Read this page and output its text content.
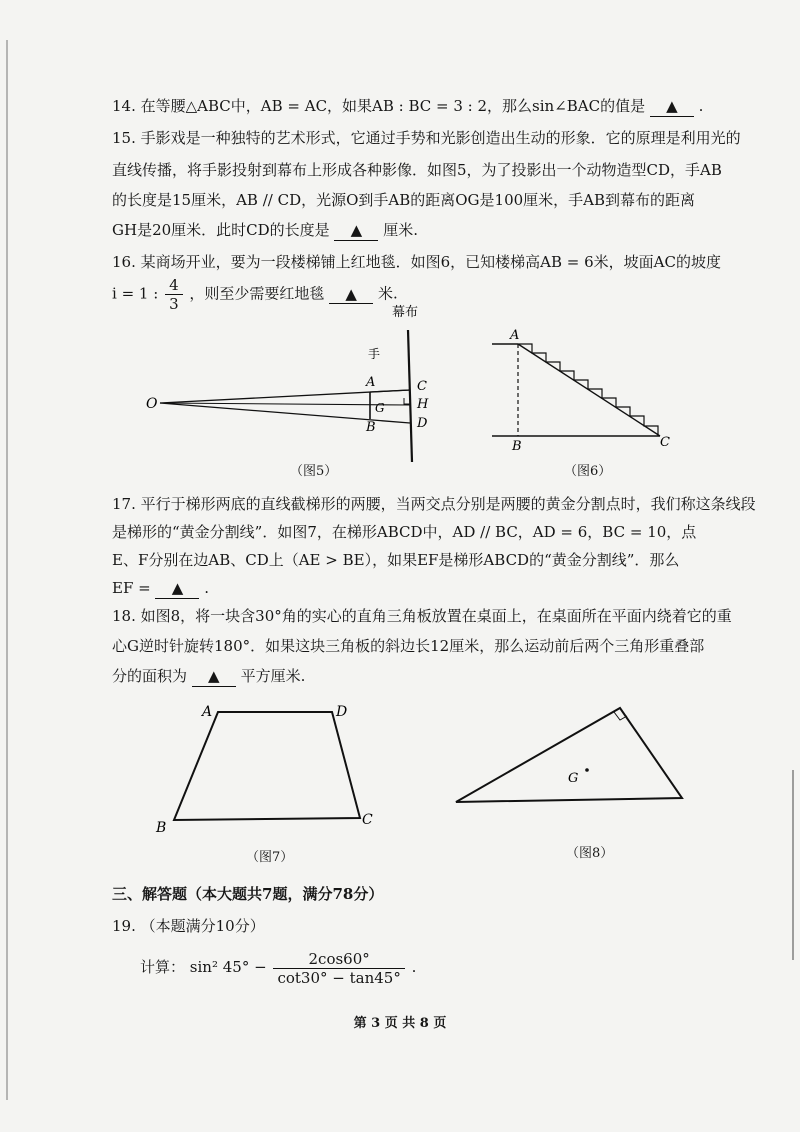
14. 在等腰△ABC中，AB = AC，如果AB : BC = 3 : 2，那么sin∠BAC的值是 ▲ .
15. 手影戏是一种独特的艺术形式，它通过手势和光影创造出生动的形象．它的原理是利用光的
直线传播，将手影投射到幕布上形成各种影像．如图5，为了投影出一个动物造型CD，手AB
的长度是15厘米，AB // CD，光源O到手AB的距离OG是100厘米，手AB到幕布的距离
GH是20厘米．此时CD的长度是 ▲ 厘米.
16. 某商场开业，要为一段楼梯铺上红地毯．如图6，已知楼梯高AB = 6米，坡面AC的坡度
i = 1 : $\frac{4}{3}$ ，则至少需要红地毯 ▲ 米.
幕布
手
O
A
B
G
C
H
D
（图5）
A
B	C
（图6）
17. 平行于梯形两底的直线截梯形的两腰，当两交点分别是两腰的黄金分割点时，我们称这条线段
是梯形的“黄金分割线”．如图7，在梯形ABCD中，AD // BC，AD = 6，BC = 10，点
E、F分别在边AB、CD上（AE > BE），如果EF是梯形ABCD的“黄金分割线”．那么
EF = ▲ .
18. 如图8，将一块含30°角的实心的直角三角板放置在桌面上，在桌面所在平面内绕着它的重
心G逆时针旋转180°．如果这块三角板的斜边长12厘米，那么运动前后两个三角形重叠部
分的面积为 ▲ 平方厘米.
A	D
B	C
（图7）
G
（图8）
三、解答题（本大题共7题，满分78分）
19. （本题满分10分）
计算： sin² $45^\circ - \frac{2\cos 60^\circ}{\cot 30^\circ - \tan 45^\circ}$ .
第 3 页 共 8 页
